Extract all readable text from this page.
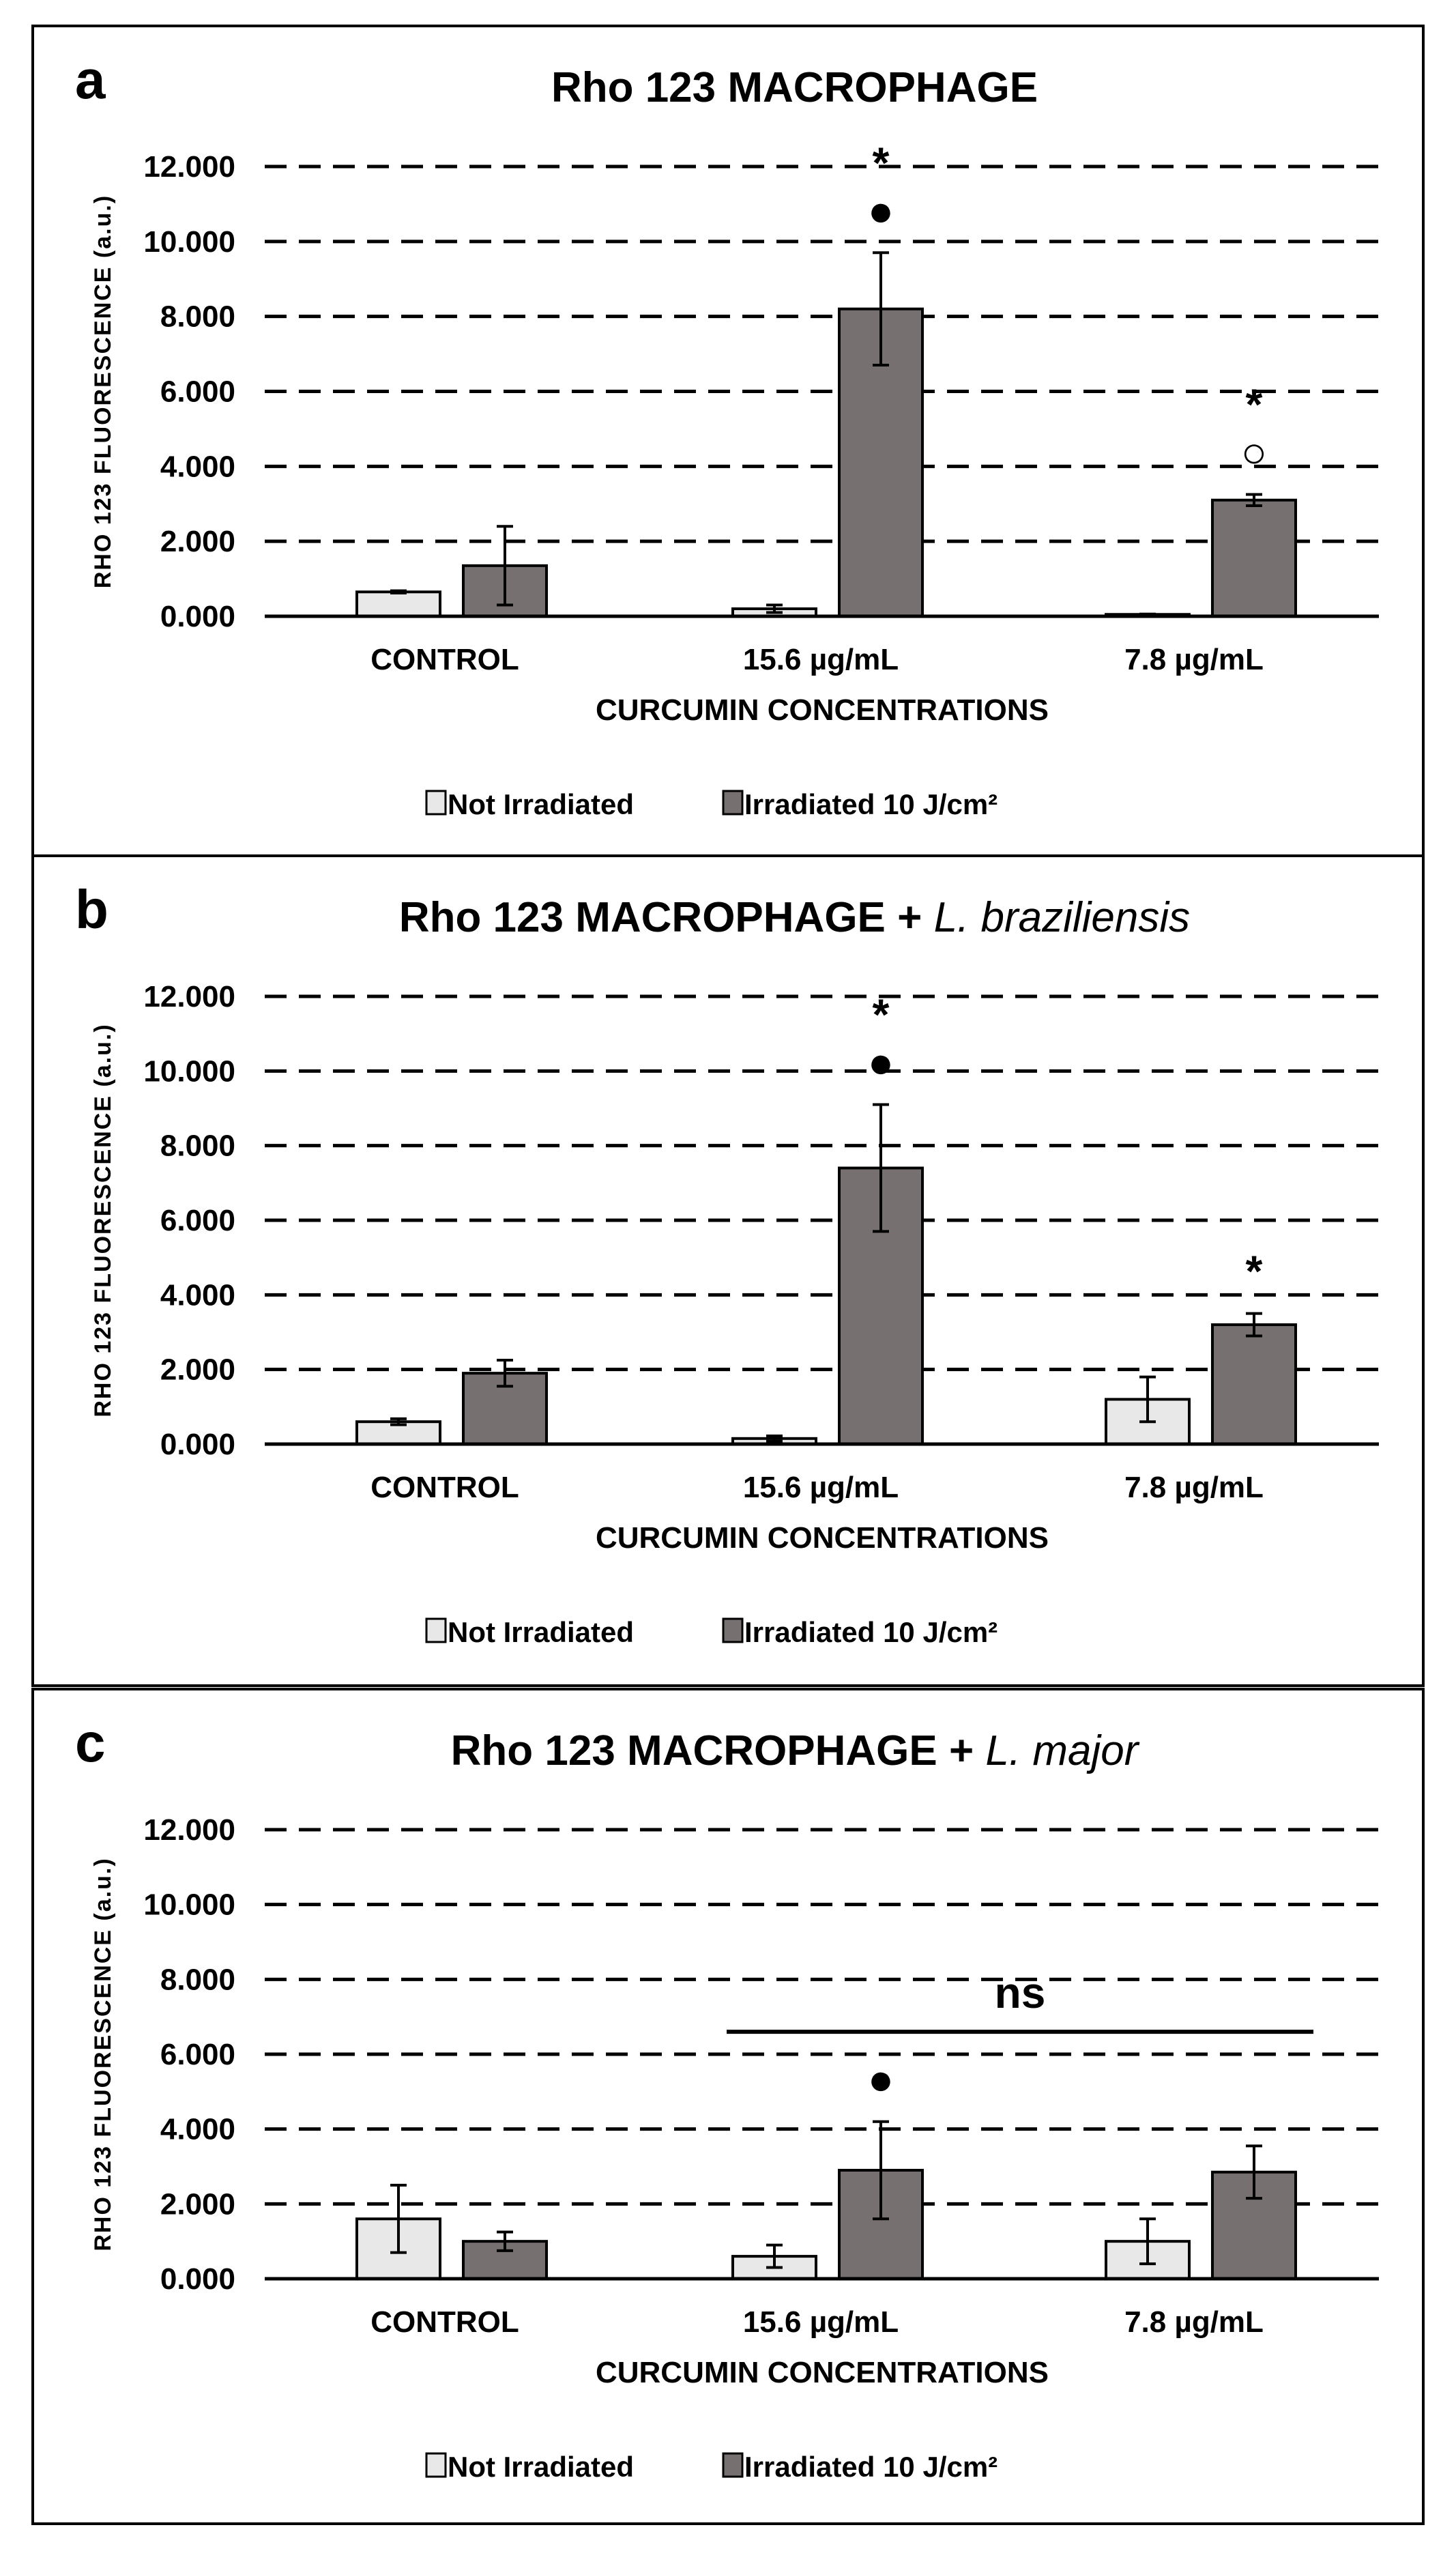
a	Rho 123 MACROPHAGE
0.000
2.000
4.000
6.000
8.000
10.000
12.000
RHO 123 FLUORESCENCE (a.u.)	●
*
○
*
CONTROL	15.6 µg/mL	7.8 µg/mL
CURCUMIN CONCENTRATIONS
Not Irradiated	Irradiated 10 J/cm²
b	Rho 123 MACROPHAGE + L. braziliensis
0.000
2.000
4.000
6.000
8.000
10.000
12.000
RHO 123 FLUORESCENCE (a.u.)	●
*
*
CONTROL	15.6 µg/mL	7.8 µg/mL
CURCUMIN CONCENTRATIONS
Not Irradiated	Irradiated 10 J/cm²
c	Rho 123 MACROPHAGE + L. major
0.000
2.000
4.000
6.000
8.000
10.000
12.000
RHO 123 FLUORESCENCE (a.u.)	●
ns
CONTROL	15.6 µg/mL	7.8 µg/mL
CURCUMIN CONCENTRATIONS
Not Irradiated	Irradiated 10 J/cm²
